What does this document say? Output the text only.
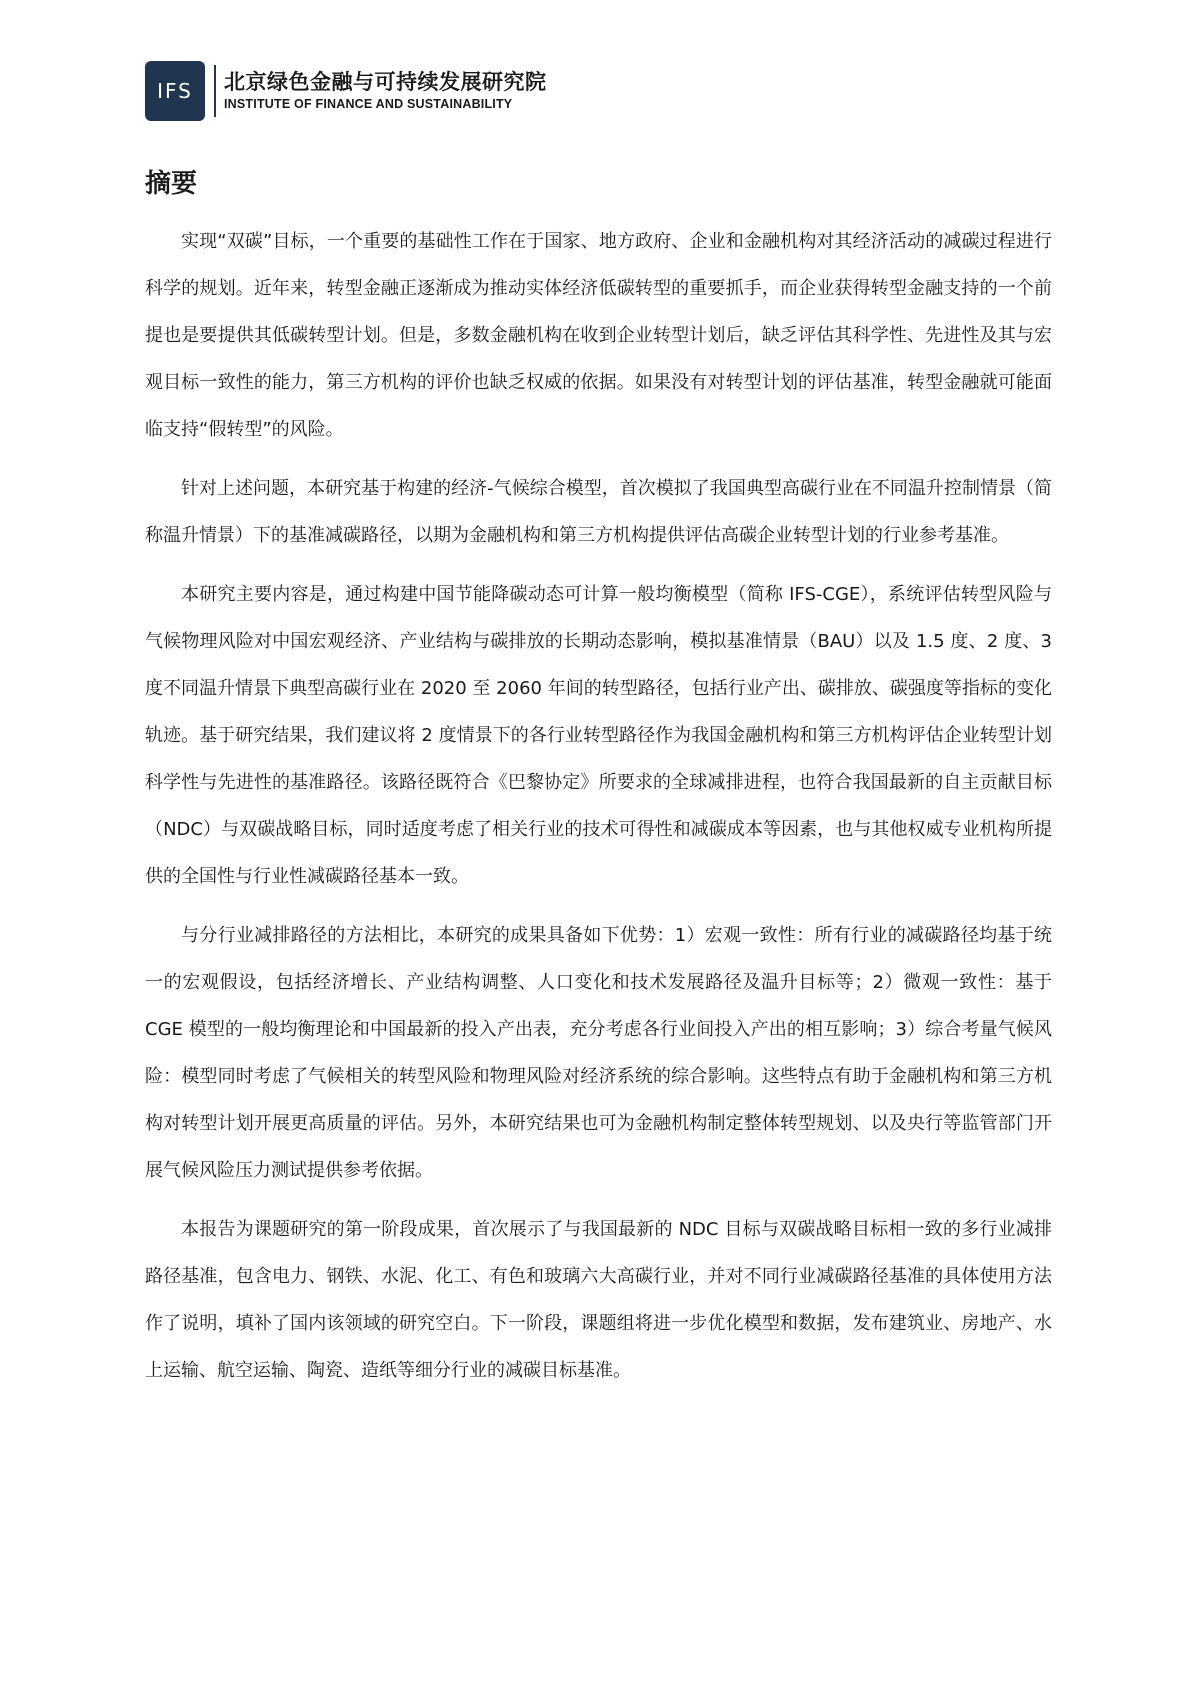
IFS 北京绿色金融与可持续发展研究院
INSTITUTE OF FINANCE AND SUSTAINABILITY
摘要

实现“双碳”目标，一个重要的基础性工作在于国家、地方政府、企业和金融机构对其经济活动的减碳过程进行科学的规划。近年来，转型金融正逐渐成为推动实体经济低碳转型的重要抓手，而企业获得转型金融支持的一个前提也是要提供其低碳转型计划。但是，多数金融机构在收到企业转型计划后，缺乏评估其科学性、先进性及其与宏观目标一致性的能力，第三方机构的评价也缺乏权威的依据。如果没有对转型计划的评估基准，转型金融就可能面临支持“假转型”的风险。

针对上述问题，本研究基于构建的经济-气候综合模型，首次模拟了我国典型高碳行业在不同温升控制情景（简称温升情景）下的基准减碳路径，以期为金融机构和第三方机构提供评估高碳企业转型计划的行业参考基准。

本研究主要内容是，通过构建中国节能降碳动态可计算一般均衡模型（简称 IFS-CGE），系统评估转型风险与气候物理风险对中国宏观经济、产业结构与碳排放的长期动态影响，模拟基准情景（BAU）以及 1.5 度、2 度、3 度不同温升情景下典型高碳行业在 2020 至 2060 年间的转型路径，包括行业产出、碳排放、碳强度等指标的变化轨迹。基于研究结果，我们建议将 2 度情景下的各行业转型路径作为我国金融机构和第三方机构评估企业转型计划科学性与先进性的基准路径。该路径既符合《巴黎协定》所要求的全球减排进程，也符合我国最新的自主贡献目标（NDC）与双碳战略目标，同时适度考虑了相关行业的技术可得性和减碳成本等因素，也与其他权威专业机构所提供的全国性与行业性减碳路径基本一致。

与分行业减排路径的方法相比，本研究的成果具备如下优势：1）宏观一致性：所有行业的减碳路径均基于统一的宏观假设，包括经济增长、产业结构调整、人口变化和技术发展路径及温升目标等；2）微观一致性：基于 CGE 模型的一般均衡理论和中国最新的投入产出表，充分考虑各行业间投入产出的相互影响；3）综合考量气候风险：模型同时考虑了气候相关的转型风险和物理风险对经济系统的综合影响。这些特点有助于金融机构和第三方机构对转型计划开展更高质量的评估。另外，本研究结果也可为金融机构制定整体转型规划、以及央行等监管部门开展气候风险压力测试提供参考依据。

本报告为课题研究的第一阶段成果，首次展示了与我国最新的 NDC 目标与双碳战略目标相一致的多行业减排路径基准，包含电力、钢铁、水泥、化工、有色和玻璃六大高碳行业，并对不同行业减碳路径基准的具体使用方法作了说明，填补了国内该领域的研究空白。下一阶段，课题组将进一步优化模型和数据，发布建筑业、房地产、水上运输、航空运输、陶瓷、造纸等细分行业的减碳目标基准。
